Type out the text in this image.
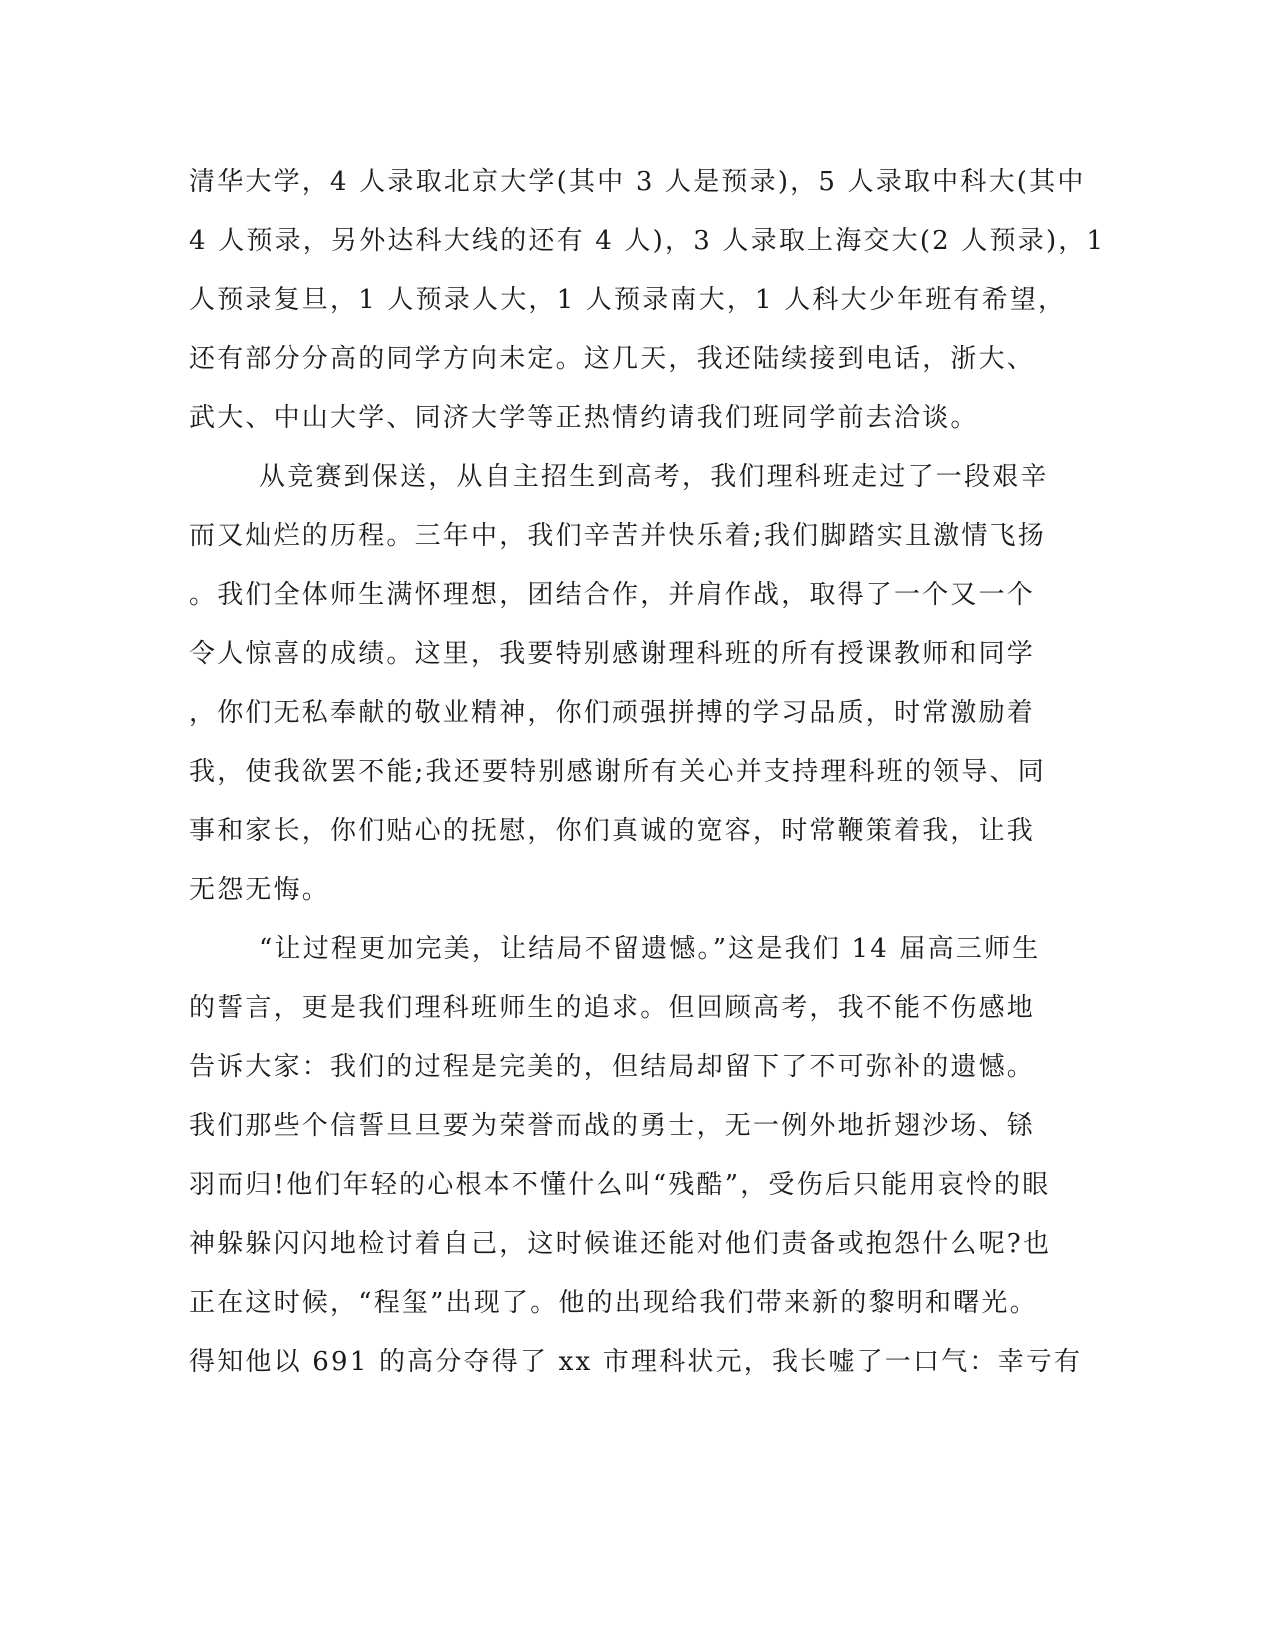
清华大学，4 人录取北京大学(其中 3 人是预录)，5 人录取中科大(其中
4 人预录，另外达科大线的还有 4 人)，3 人录取上海交大(2 人预录)，1
人预录复旦，1 人预录人大，1 人预录南大，1 人科大少年班有希望，
还有部分分高的同学方向未定。这几天，我还陆续接到电话，浙大、
武大、中山大学、同济大学等正热情约请我们班同学前去洽谈。
从竞赛到保送，从自主招生到高考，我们理科班走过了一段艰辛
而又灿烂的历程。三年中，我们辛苦并快乐着;我们脚踏实且激情飞扬
。我们全体师生满怀理想，团结合作，并肩作战，取得了一个又一个
令人惊喜的成绩。这里，我要特别感谢理科班的所有授课教师和同学
，你们无私奉献的敬业精神，你们顽强拼搏的学习品质，时常激励着
我，使我欲罢不能;我还要特别感谢所有关心并支持理科班的领导、同
事和家长，你们贴心的抚慰，你们真诚的宽容，时常鞭策着我，让我
无怨无悔。
“让过程更加完美，让结局不留遗憾。”这是我们 14 届高三师生
的誓言，更是我们理科班师生的追求。但回顾高考，我不能不伤感地
告诉大家：我们的过程是完美的，但结局却留下了不可弥补的遗憾。
我们那些个信誓旦旦要为荣誉而战的勇士，无一例外地折翅沙场、铩
羽而归!他们年轻的心根本不懂什么叫“残酷”，受伤后只能用哀怜的眼
神躲躲闪闪地检讨着自己，这时候谁还能对他们责备或抱怨什么呢?也
正在这时候，“程玺”出现了。他的出现给我们带来新的黎明和曙光。
得知他以 691 的高分夺得了 xx 市理科状元，我长嘘了一口气：幸亏有
